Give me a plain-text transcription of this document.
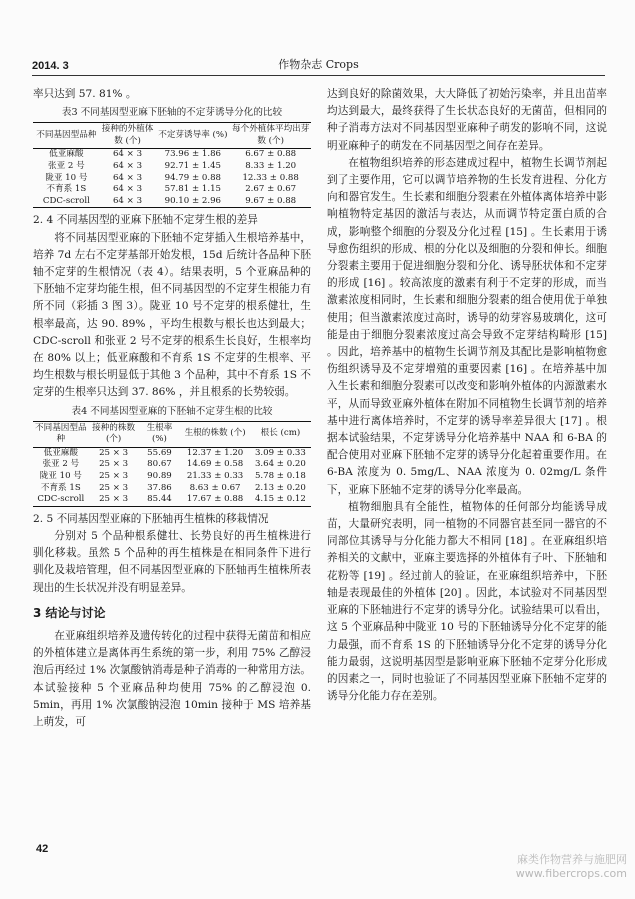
2014. 3	作物杂志 Crops

率只达到 57. 81% 。

表3 不同基因型亚麻下胚轴的不定芽诱导分化的比较
不同基因型品种	接种的外植体数 (个)	不定芽诱导率 (%)	每个外植体平均出芽数 (个)
低亚麻酸	64 × 3	73.96 ± 1.86	6.67 ± 0.88
张亚 2 号	64 × 3	92.71 ± 1.45	8.33 ± 1.20
陇亚 10 号	64 × 3	94.79 ± 0.88	12.33 ± 0.88
不育系 1S	64 × 3	57.81 ± 1.15	2.67 ± 0.67
CDC-scroll	64 × 3	90.10 ± 2.96	9.67 ± 0.88
2. 4 不同基因型的亚麻下胚轴不定芽生根的差异

将不同基因型亚麻的下胚轴不定芽插入生根培养基中，培养 7d 左右不定芽基部开始发根，15d 后统计各品种下胚轴不定芽的生根情况（表 4）。结果表明，5 个亚麻品种的下胚轴不定芽均能生根，但不同基因型的不定芽生根能力有所不同（彩插 3 图 3）。陇亚 10 号不定芽的根系健壮，生根率最高，达 90. 89% ，平均生根数与根长也达到最大；CDC-scroll 和张亚 2 号不定芽的根系生长良好，生根率均在 80% 以上；低亚麻酸和不育系 1S 不定芽的生根率、平均生根数与根长明显低于其他 3 个品种，其中不育系 1S 不定芽的生根率只达到 37. 86% ，并且根系的长势较弱。

表4 不同基因型亚麻的下胚轴不定芽生根的比较
不同基因型品种	接种的株数 (个)	生根率 (%)	生根的株数 (个)	根长 (cm)
低亚麻酸	25 × 3	55.69	12.37 ± 1.20	3.09 ± 0.33
张亚 2 号	25 × 3	80.67	14.69 ± 0.58	3.64 ± 0.20
陇亚 10 号	25 × 3	90.89	21.33 ± 0.33	5.78 ± 0.18
不育系 1S	25 × 3	37.86	8.63 ± 0.67	2.13 ± 0.20
CDC-scroll	25 × 3	85.44	17.67 ± 0.88	4.15 ± 0.12
2. 5 不同基因型亚麻的下胚轴再生植株的移栽情况

分别对 5 个品种根系健壮、长势良好的再生植株进行驯化移栽。虽然 5 个品种的再生植株是在相同条件下进行驯化及栽培管理，但不同基因型亚麻的下胚轴再生植株所表现出的生长状况并没有明显差异。

3 结论与讨论

在亚麻组织培养及遗传转化的过程中获得无菌苗和相应的外植体建立是离体再生系统的第一步，利用 75% 乙醇浸泡后再经过 1% 次氯酸钠消毒是种子消毒的一种常用方法。本试验接种 5 个亚麻品种均使用 75% 的乙醇浸泡 0. 5min，再用 1% 次氯酸钠浸泡 10min 接种于 MS 培养基上萌发，可

达到良好的除菌效果，大大降低了初始污染率，并且出苗率均达到最大，最终获得了生长状态良好的无菌苗，但相同的种子消毒方法对不同基因型亚麻种子萌发的影响不同，这说明亚麻种子的萌发在不同基因型之间存在差异。

在植物组织培养的形态建成过程中，植物生长调节剂起到了主要作用，它可以调节培养物的生长发育进程、分化方向和器官发生。生长素和细胞分裂素在外植体离体培养中影响植物特定基因的激活与表达，从而调节特定蛋白质的合成，影响整个细胞的分裂及分化过程 [15] 。生长素用于诱导愈伤组织的形成、根的分化以及细胞的分裂和伸长。细胞分裂素主要用于促进细胞分裂和分化、诱导胚状体和不定芽的形成 [16] 。较高浓度的激素有利于不定芽的形成，而当激素浓度相同时，生长素和细胞分裂素的组合使用优于单独使用；但当激素浓度过高时，诱导的幼芽容易玻璃化，这可能是由于细胞分裂素浓度过高会导致不定芽结构畸形 [15] 。因此，培养基中的植物生长调节剂及其配比是影响植物愈伤组织诱导及不定芽增殖的重要因素 [16] 。在培养基中加入生长素和细胞分裂素可以改变和影响外植体的内源激素水平，从而导致亚麻外植体在附加不同植物生长调节剂的培养基中进行离体培养时，不定芽的诱导率差异很大 [17] 。根据本试验结果，不定芽诱导分化培养基中 NAA 和 6-BA 的配合使用对亚麻下胚轴不定芽的诱导分化起着重要作用。在 6-BA 浓度为 0. 5mg/L、NAA 浓度为 0. 02mg/L 条件下，亚麻下胚轴不定芽的诱导分化率最高。

植物细胞具有全能性，植物体的任何部分均能诱导成苗，大量研究表明，同一植物的不同器官甚至同一器官的不同部位其诱导与分化能力都大不相同 [18] 。在亚麻组织培养相关的文献中，亚麻主要选择的外植体有子叶、下胚轴和花粉等 [19] 。经过前人的验证，在亚麻组织培养中，下胚轴是表现最佳的外植体 [20] 。因此，本试验对不同基因型亚麻的下胚轴进行不定芽的诱导分化。试验结果可以看出，这 5 个亚麻品种中陇亚 10 号的下胚轴诱导分化不定芽的能力最强，而不育系 1S 的下胚轴诱导分化不定芽的诱导分化能力最弱，这说明基因型是影响亚麻下胚轴不定芽分化形成的因素之一，同时也验证了不同基因型亚麻下胚轴不定芽的诱导分化能力存在差别。

42
麻类作物营养与施肥网
www.fibercrops.com
